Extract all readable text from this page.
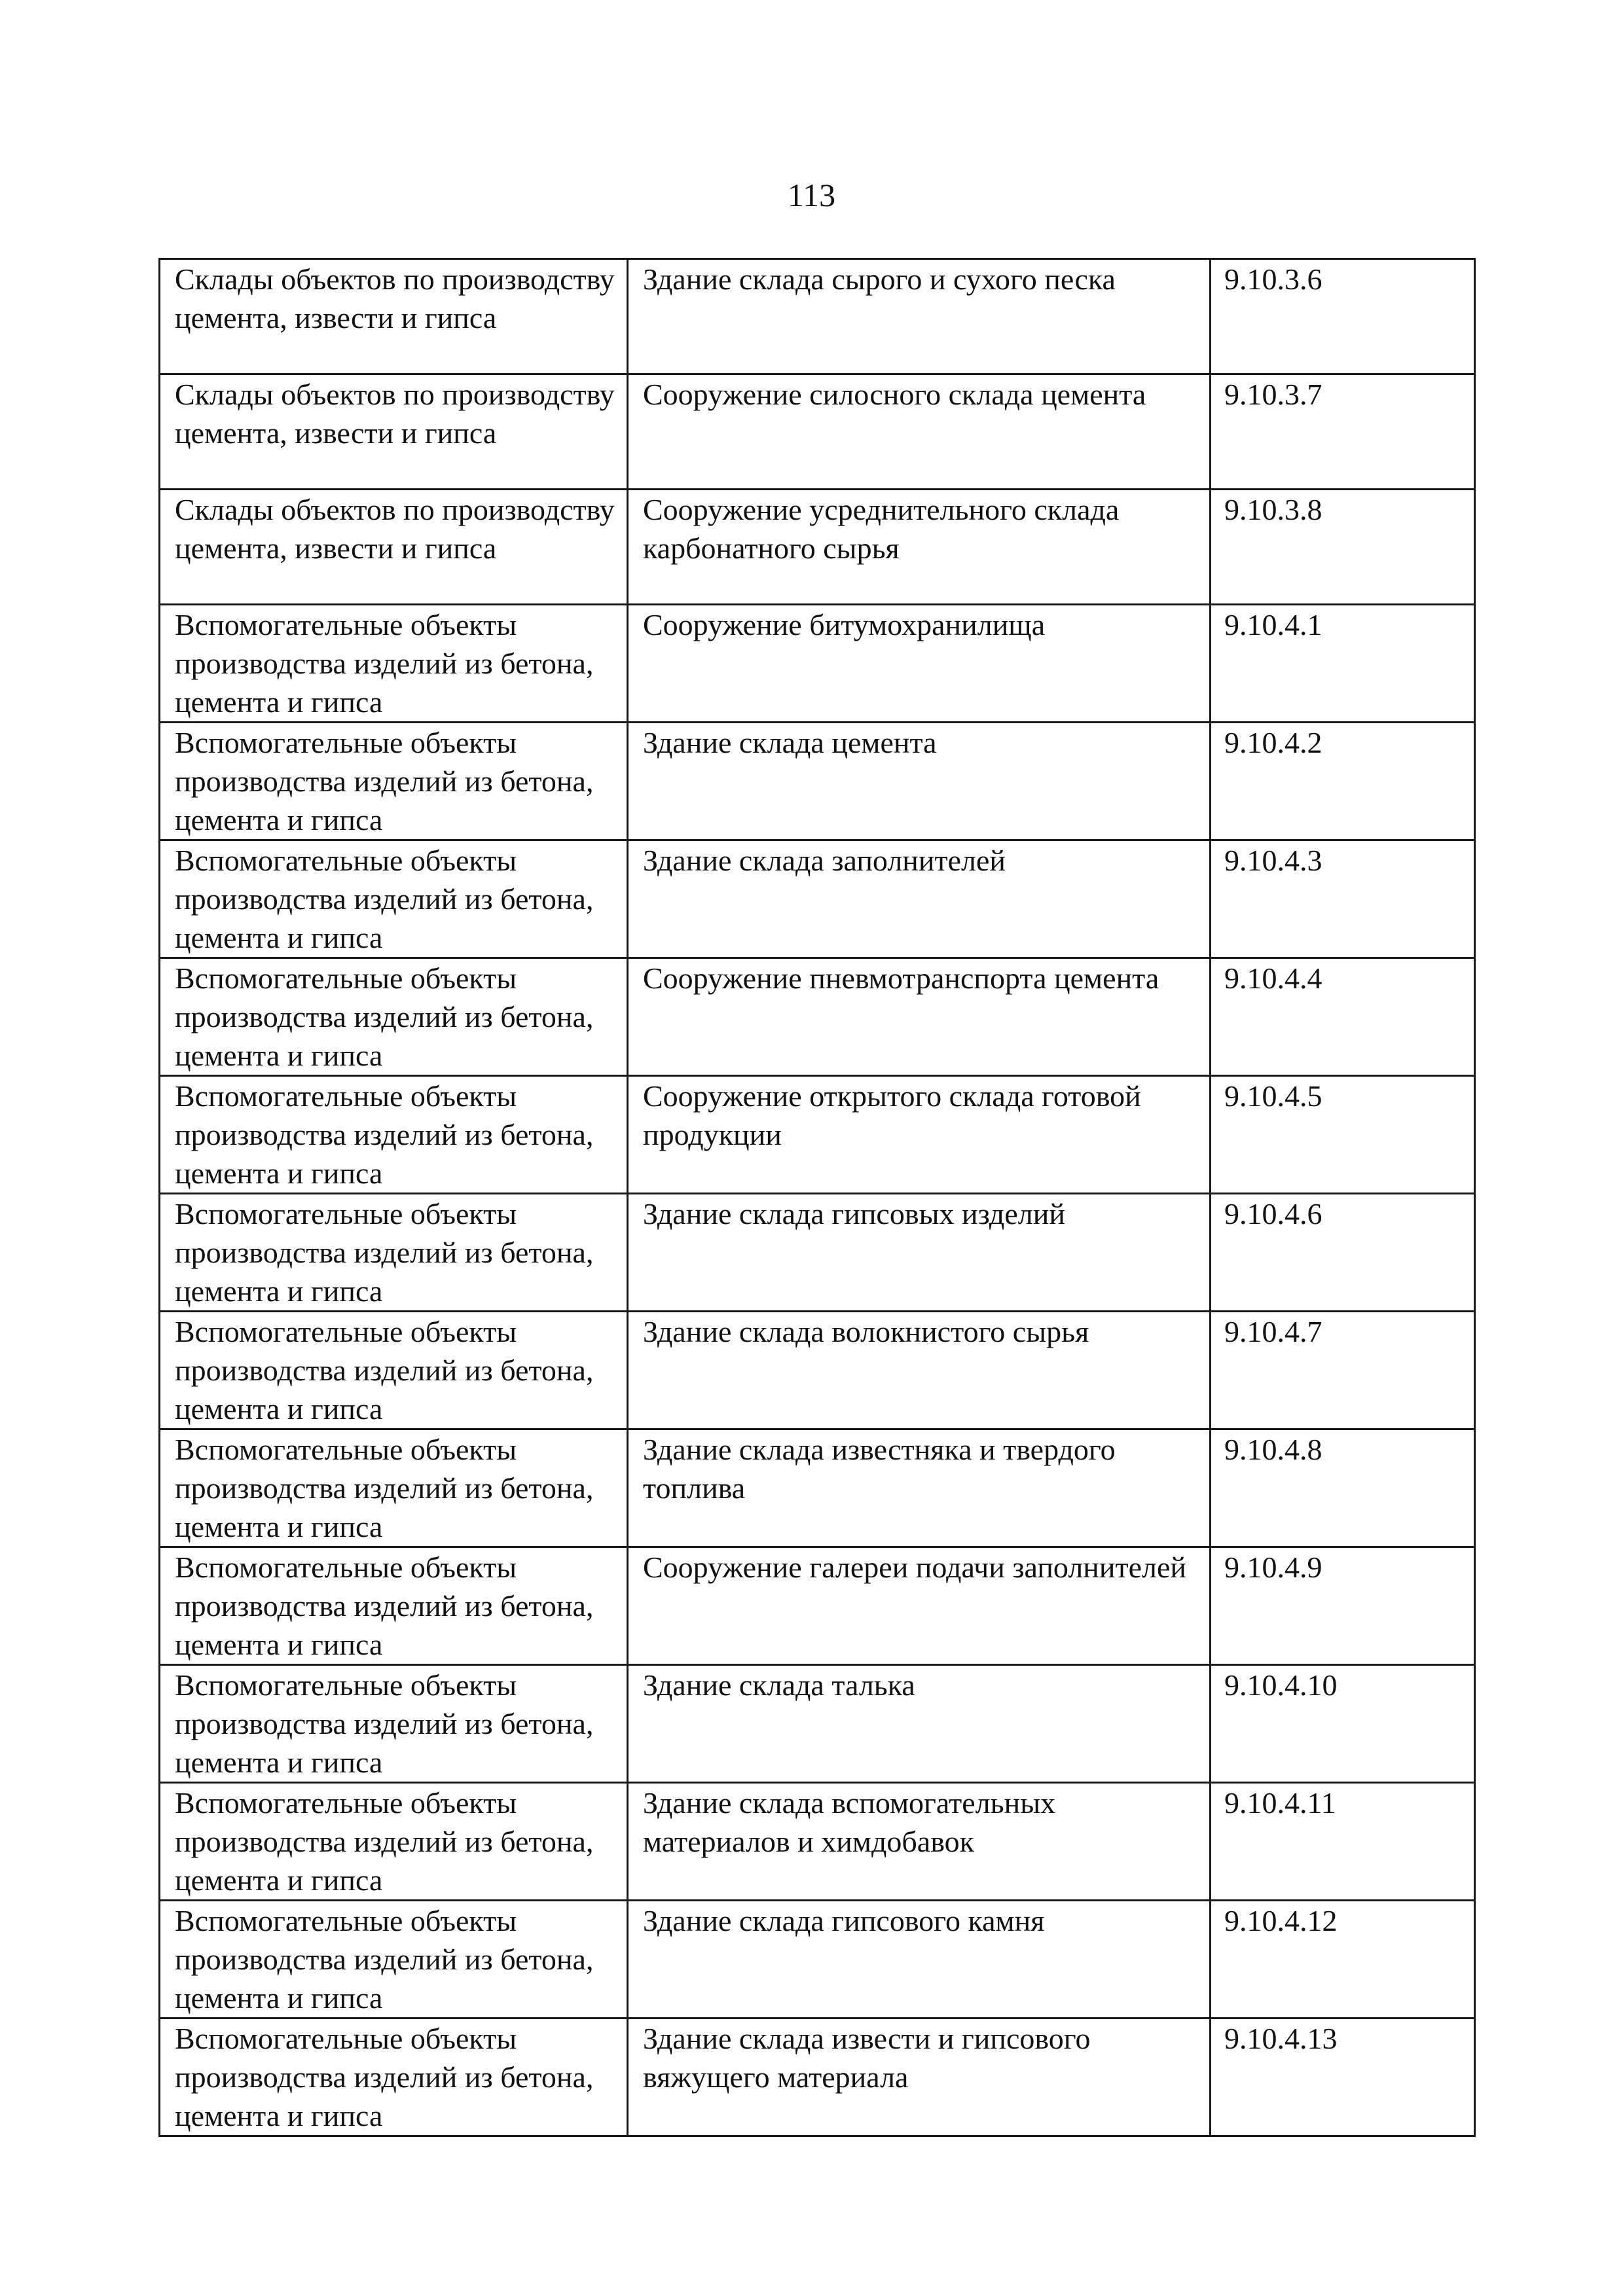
113
Склады объектов по производству цемента, извести и гипса	Здание склада сырого и сухого песка	9.10.3.6
Склады объектов по производству цемента, извести и гипса	Сооружение силосного склада цемента	9.10.3.7
Склады объектов по производству цемента, извести и гипса	Сооружение усреднительного склада карбонатного сырья	9.10.3.8
Вспомогательные объекты производства изделий из бетона, цемента и гипса	Сооружение битумохранилища	9.10.4.1
Вспомогательные объекты производства изделий из бетона, цемента и гипса	Здание склада цемента	9.10.4.2
Вспомогательные объекты производства изделий из бетона, цемента и гипса	Здание склада заполнителей	9.10.4.3
Вспомогательные объекты производства изделий из бетона, цемента и гипса	Сооружение пневмотранспорта цемента	9.10.4.4
Вспомогательные объекты производства изделий из бетона, цемента и гипса	Сооружение открытого склада готовой продукции	9.10.4.5
Вспомогательные объекты производства изделий из бетона, цемента и гипса	Здание склада гипсовых изделий	9.10.4.6
Вспомогательные объекты производства изделий из бетона, цемента и гипса	Здание склада волокнистого сырья	9.10.4.7
Вспомогательные объекты производства изделий из бетона, цемента и гипса	Здание склада известняка и твердого топлива	9.10.4.8
Вспомогательные объекты производства изделий из бетона, цемента и гипса	Сооружение галереи подачи заполнителей	9.10.4.9
Вспомогательные объекты производства изделий из бетона, цемента и гипса	Здание склада талька	9.10.4.10
Вспомогательные объекты производства изделий из бетона, цемента и гипса	Здание склада вспомогательных материалов и химдобавок	9.10.4.11
Вспомогательные объекты производства изделий из бетона, цемента и гипса	Здание склада гипсового камня	9.10.4.12
Вспомогательные объекты производства изделий из бетона, цемента и гипса	Здание склада извести и гипсового вяжущего материала	9.10.4.13
